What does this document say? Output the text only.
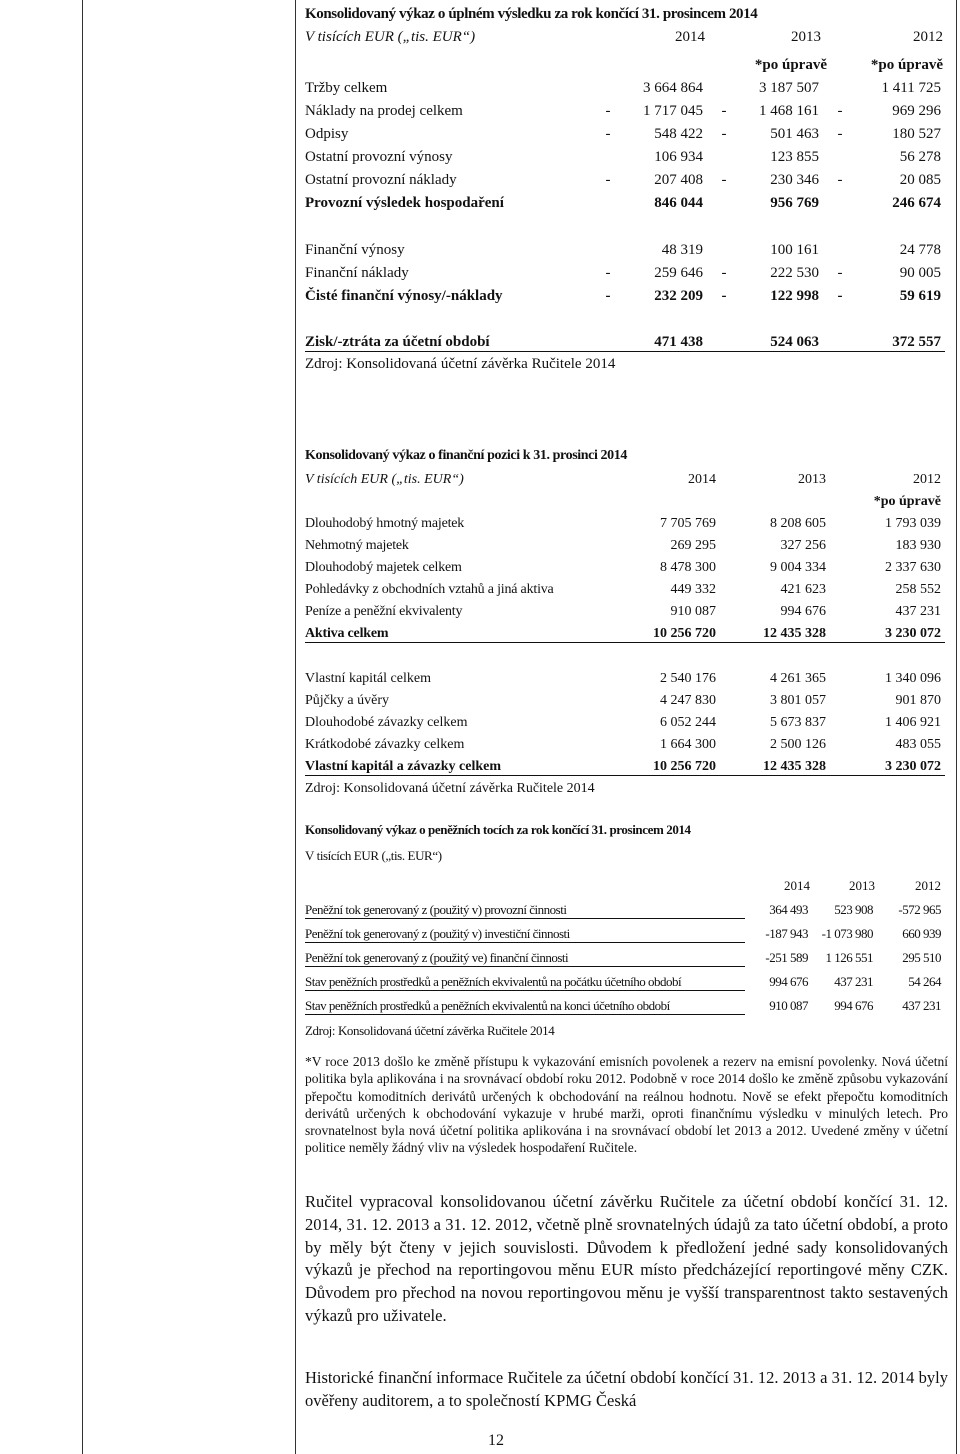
Konsolidovaný výkaz o úplném výsledku za rok končící 31. prosincem 2014
V tisících EUR („tis. EUR“)	2014	2013	2012
		*po úpravě	*po úpravě
Tržby celkem	3 664 864	3 187 507	1 411 725

Náklady na prodej celkem	- 1 717 045	- 1 468 161	- 969 296

Odpisy	- 548 422	- 501 463	- 180 527

Ostatní provozní výnosy	106 934	123 855	56 278

Ostatní provozní náklady	- 207 408	- 230 346	- 20 085

Provozní výsledek hospodaření	846 044	956 769	246 674

Finanční výnosy	48 319	100 161	24 778

Finanční náklady	- 259 646	- 222 530	- 90 005

Čisté finanční výnosy/-náklady	- 232 209	- 122 998	- 59 619

Zisk/-ztráta za účetní období	471 438	524 063	372 557
Zdroj: Konsolidovaná účetní závěrka Ručitele 2014
Konsolidovaný výkaz o finanční pozici k 31. prosinci 2014
V tisících EUR („tis. EUR“)	2014	2013	2012
			*po úpravě
Dlouhodobý hmotný majetek	7 705 769	8 208 605	1 793 039
Nehmotný majetek	269 295	327 256	183 930
Dlouhodobý majetek celkem	8 478 300	9 004 334	2 337 630
Pohledávky z obchodních vztahů a jiná aktiva	449 332	421 623	258 552
Peníze a peněžní ekvivalenty	910 087	994 676	437 231
Aktiva celkem	10 256 720	12 435 328	3 230 072

Vlastní kapitál celkem	2 540 176	4 261 365	1 340 096
Půjčky a úvěry	4 247 830	3 801 057	901 870
Dlouhodobé závazky celkem	6 052 244	5 673 837	1 406 921
Krátkodobé závazky celkem	1 664 300	2 500 126	483 055
Vlastní kapitál a závazky celkem	10 256 720	12 435 328	3 230 072
Zdroj: Konsolidovaná účetní závěrka Ručitele 2014
Konsolidovaný výkaz o peněžních tocích za rok končící 31. prosincem 2014
V tisících EUR („tis. EUR“)
	2014	2013	2012
Peněžní tok generovaný z (použitý v) provozní činnosti	364 493	523 908	-572 965
Peněžní tok generovaný z (použitý v) investiční činnosti	-187 943	-1 073 980	660 939
Peněžní tok generovaný z (použitý ve) finanční činnosti	-251 589	1 126 551	295 510
Stav peněžních prostředků a peněžních ekvivalentů na počátku účetního období	994 676	437 231	54 264
Stav peněžních prostředků a peněžních ekvivalentů na konci účetního období	910 087	994 676	437 231
Zdroj: Konsolidovaná účetní závěrka Ručitele 2014
*V roce 2013 došlo ke změně přístupu k vykazování emisních povolenek a rezerv na emisní povolenky. Nová účetní politika byla aplikována i na srovnávací období roku 2012. Podobně v roce 2014 došlo ke změně způsobu vykazování přepočtu komoditních derivátů určených k obchodování na reálnou hodnotu. Nově se efekt přepočtu komoditních derivátů určených k obchodování vykazuje v hrubé marži, oproti finančnímu výsledku v minulých letech. Pro srovnatelnost byla nová účetní politika aplikována i na srovnávací období let 2013 a 2012. Uvedené změny v účetní politice neměly žádný vliv na výsledek hospodaření Ručitele.
Ručitel vypracoval konsolidovanou účetní závěrku Ručitele za účetní období končící 31. 12. 2014, 31. 12. 2013 a 31. 12. 2012, včetně plně srovnatelných údajů za tato účetní období, a proto by měly být čteny v jejich souvislosti. Důvodem k předložení jedné sady konsolidovaných výkazů je přechod na reportingovou měnu EUR místo předcházející reportingové měny CZK. Důvodem pro přechod na novou reportingovou měnu je vyšší transparentnost takto sestavených výkazů pro uživatele.
Historické finanční informace Ručitele za účetní období končící 31. 12. 2013 a 31. 12. 2014 byly ověřeny auditorem, a to společností KPMG Česká
12
